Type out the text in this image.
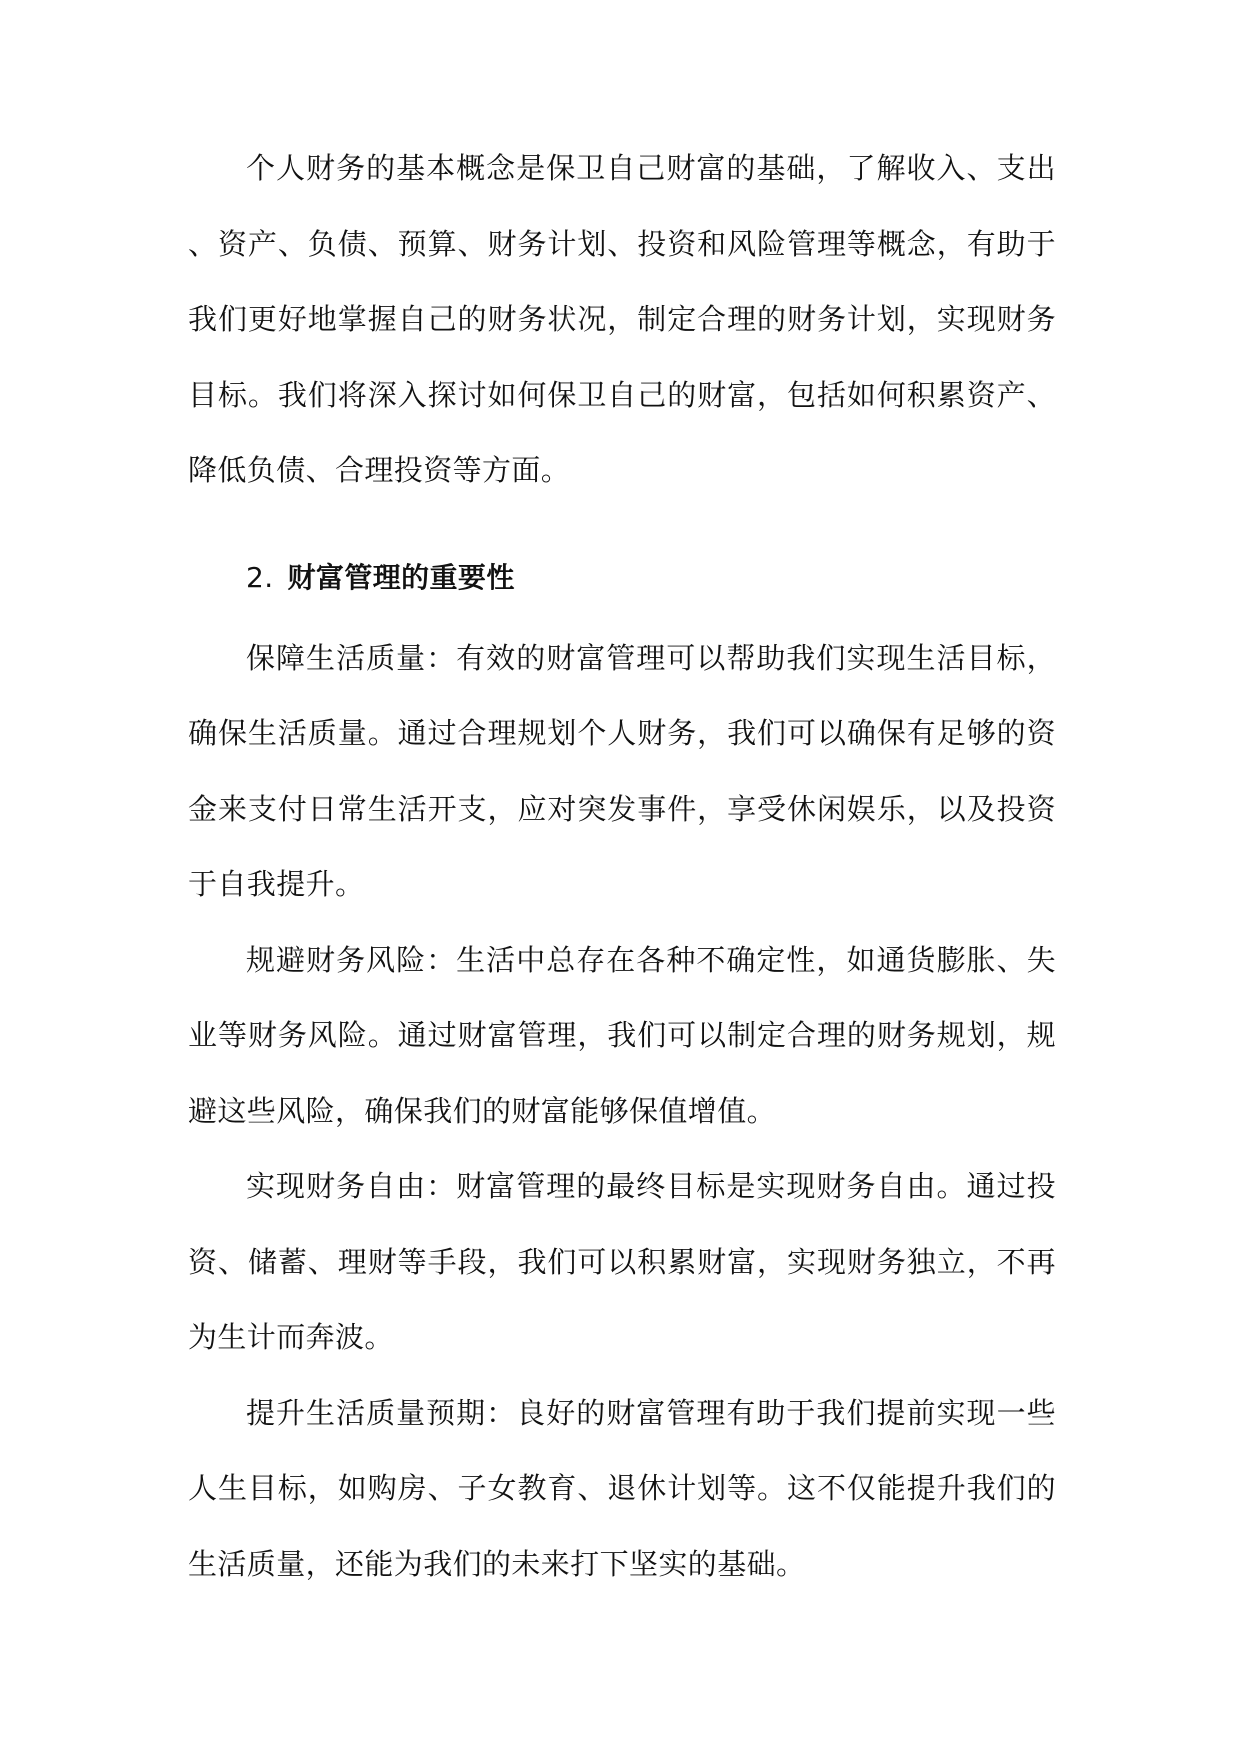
个人财务的基本概念是保卫自己财富的基础，了解收入、支出、资产、负债、预算、财务计划、投资和风险管理等概念，有助于我们更好地掌握自己的财务状况，制定合理的财务计划，实现财务目标。我们将深入探讨如何保卫自己的财富，包括如何积累资产、降低负债、合理投资等方面。

2. 财富管理的重要性

保障生活质量：有效的财富管理可以帮助我们实现生活目标，确保生活质量。通过合理规划个人财务，我们可以确保有足够的资金来支付日常生活开支，应对突发事件，享受休闲娱乐，以及投资于自我提升。

规避财务风险：生活中总存在各种不确定性，如通货膨胀、失业等财务风险。通过财富管理，我们可以制定合理的财务规划，规避这些风险，确保我们的财富能够保值增值。

实现财务自由：财富管理的最终目标是实现财务自由。通过投资、储蓄、理财等手段，我们可以积累财富，实现财务独立，不再为生计而奔波。

提升生活质量预期：良好的财富管理有助于我们提前实现一些人生目标，如购房、子女教育、退休计划等。这不仅能提升我们的生活质量，还能为我们的未来打下坚实的基础。
